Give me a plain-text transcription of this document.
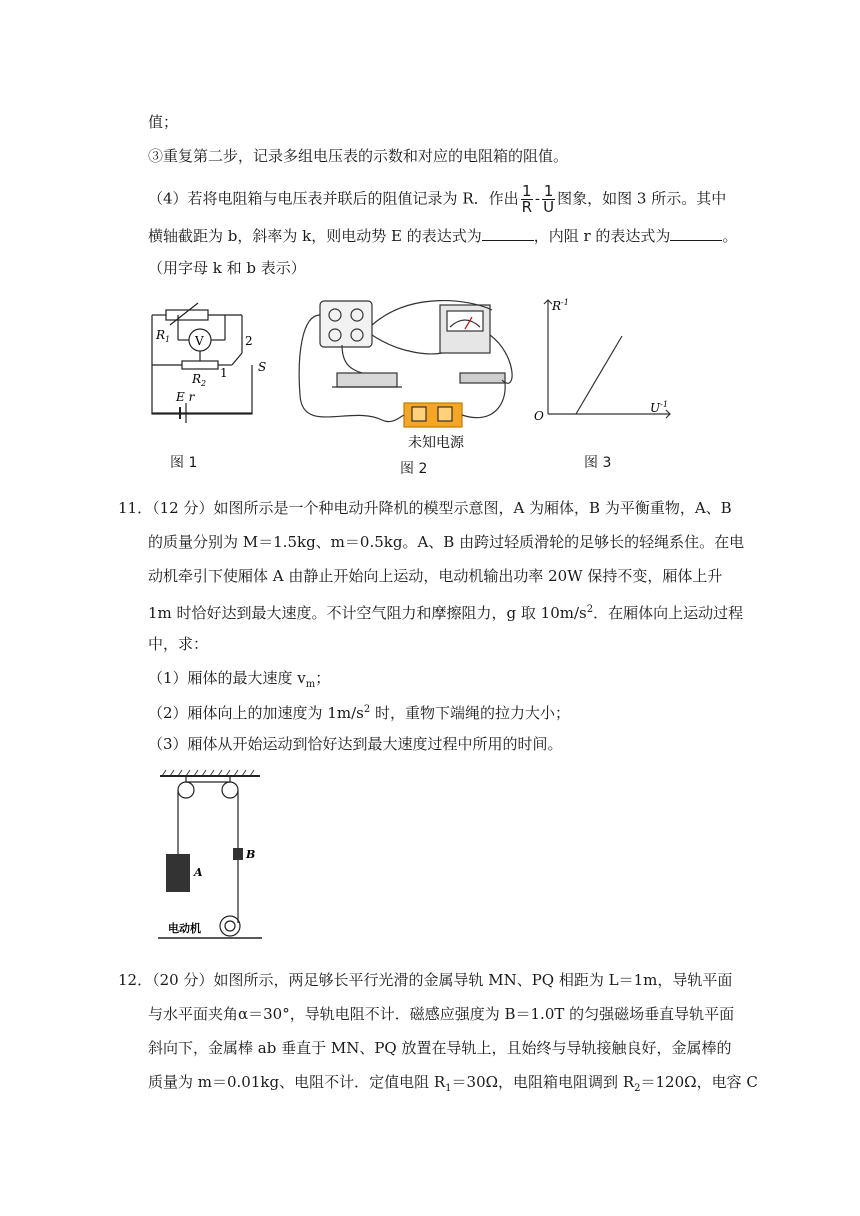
值；
③重复第二步，记录多组电压表的示数和对应的电阻箱的阻值。
（4）若将电阻箱与电压表并联后的阻值记录为 R．作出 $\frac{1}{R} - \frac{1}{U}$ 图象，如图 3 所示。其中
横轴截距为 b，斜率为 k，则电动势 E 的表达式为	，内阻 r 的表达式为	。
（用字母 k 和 b 表示）
$R_1$ V
$R_2$
1
2
S
E r
图 1
未知电源
图 2
O
$R^{-1}$
$U^{-1}$
图 3
11．（12 分）如图所示是一个种电动升降机的模型示意图，A 为厢体，B 为平衡重物，A、B
的质量分别为 M＝1.5kg、m＝0.5kg。A、B 由跨过轻质滑轮的足够长的轻绳系住。在电
动机牵引下使厢体 A 由静止开始向上运动，电动机输出功率 20W 保持不变，厢体上升
1m 时恰好达到最大速度。不计空气阻力和摩擦阻力，g 取 $10m/s^2$．在厢体向上运动过程
中，求：
（1）厢体的最大速度 $v_m$；
（2）厢体向上的加速度为 $1m/s^2$ 时，重物下端绳的拉力大小；
（3）厢体从开始运动到恰好达到最大速度过程中所用的时间。
A
B
电动机
12．（20 分）如图所示，两足够长平行光滑的金属导轨 MN、PQ 相距为 L＝1m，导轨平面
与水平面夹角α＝30°，导轨电阻不计．磁感应强度为 B＝1.0T 的匀强磁场垂直导轨平面
斜向下，金属棒 ab 垂直于 MN、PQ 放置在导轨上，且始终与导轨接触良好，金属棒的
质量为 m＝0.01kg、电阻不计．定值电阻 $R_1=30\Omega$，电阻箱电阻调到 $R_2=120\Omega$，电容 C
